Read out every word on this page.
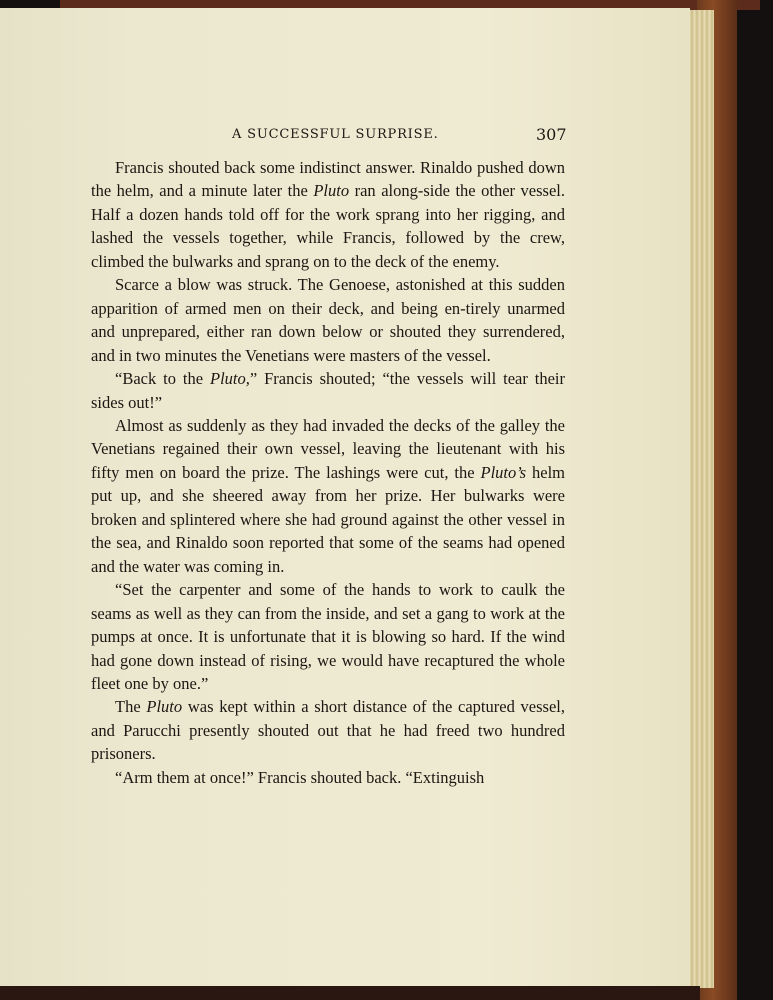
A SUCCESSFUL SURPRISE.	307

Francis shouted back some indistinct answer. Rinaldo pushed down the helm, and a minute later the Pluto ran along-side the other vessel. Half a dozen hands told off for the work sprang into her rigging, and lashed the vessels together, while Francis, followed by the crew, climbed the bulwarks and sprang on to the deck of the enemy.

Scarce a blow was struck. The Genoese, astonished at this sudden apparition of armed men on their deck, and being en-tirely unarmed and unprepared, either ran down below or shouted they surrendered, and in two minutes the Venetians were masters of the vessel.

“Back to the Pluto,” Francis shouted; “the vessels will tear their sides out!”

Almost as suddenly as they had invaded the decks of the galley the Venetians regained their own vessel, leaving the lieutenant with his fifty men on board the prize. The lashings were cut, the Pluto’s helm put up, and she sheered away from her prize. Her bulwarks were broken and splintered where she had ground against the other vessel in the sea, and Rinaldo soon reported that some of the seams had opened and the water was coming in.

“Set the carpenter and some of the hands to work to caulk the seams as well as they can from the inside, and set a gang to work at the pumps at once. It is unfortunate that it is blowing so hard. If the wind had gone down instead of rising, we would have recaptured the whole fleet one by one.”

The Pluto was kept within a short distance of the captured vessel, and Parucchi presently shouted out that he had freed two hundred prisoners.

“Arm them at once!” Francis shouted back. “Extinguish
